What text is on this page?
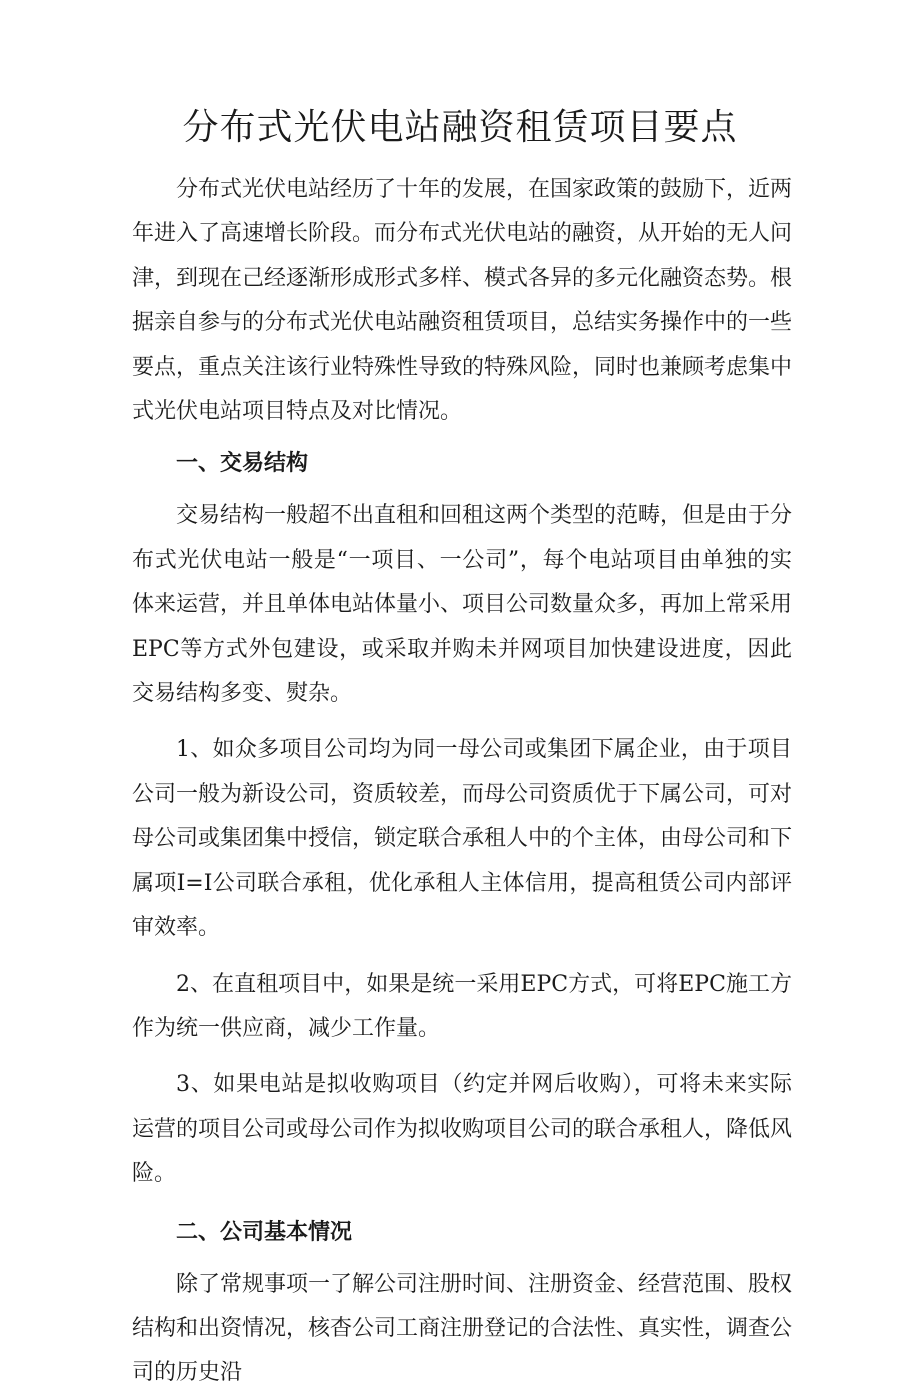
分布式光伏电站融资租赁项目要点

分布式光伏电站经历了十年的发展，在国家政策的鼓励下，近两年进入了高速增长阶段。而分布式光伏电站的融资，从开始的无人问津，到现在己经逐渐形成形式多样、模式各异的多元化融资态势。根据亲自参与的分布式光伏电站融资租赁项目，总结实务操作中的一些要点，重点关注该行业特殊性导致的特殊风险，同时也兼顾考虑集中式光伏电站项目特点及对比情况。

一、交易结构

交易结构一般超不出直租和回租这两个类型的范畴，但是由于分布式光伏电站一般是“一项目、一公司”，每个电站项目由单独的实体来运营，并且单体电站体量小、项目公司数量众多，再加上常采用EPC等方式外包建设，或采取并购未并网项目加快建设进度，因此交易结构多变、熨杂。

1、如众多项目公司均为同一母公司或集团下属企业，由于项目公司一般为新设公司，资质较差，而母公司资质优于下属公司，可对母公司或集团集中授信，锁定联合承租人中的个主体，由母公司和下属项I=I公司联合承租，优化承租人主体信用，提高租赁公司内部评审效率。

2、在直租项目中，如果是统一采用EPC方式，可将EPC施工方作为统一供应商，减少工作量。

3、如果电站是拟收购项目（约定并网后收购），可将未来实际运营的项目公司或母公司作为拟收购项目公司的联合承租人，降低风险。

二、公司基本情况

除了常规事项一了解公司注册时间、注册资金、经营范围、股权结构和出资情况，核杳公司工商注册登记的合法性、真实性，调查公司的历史沿
